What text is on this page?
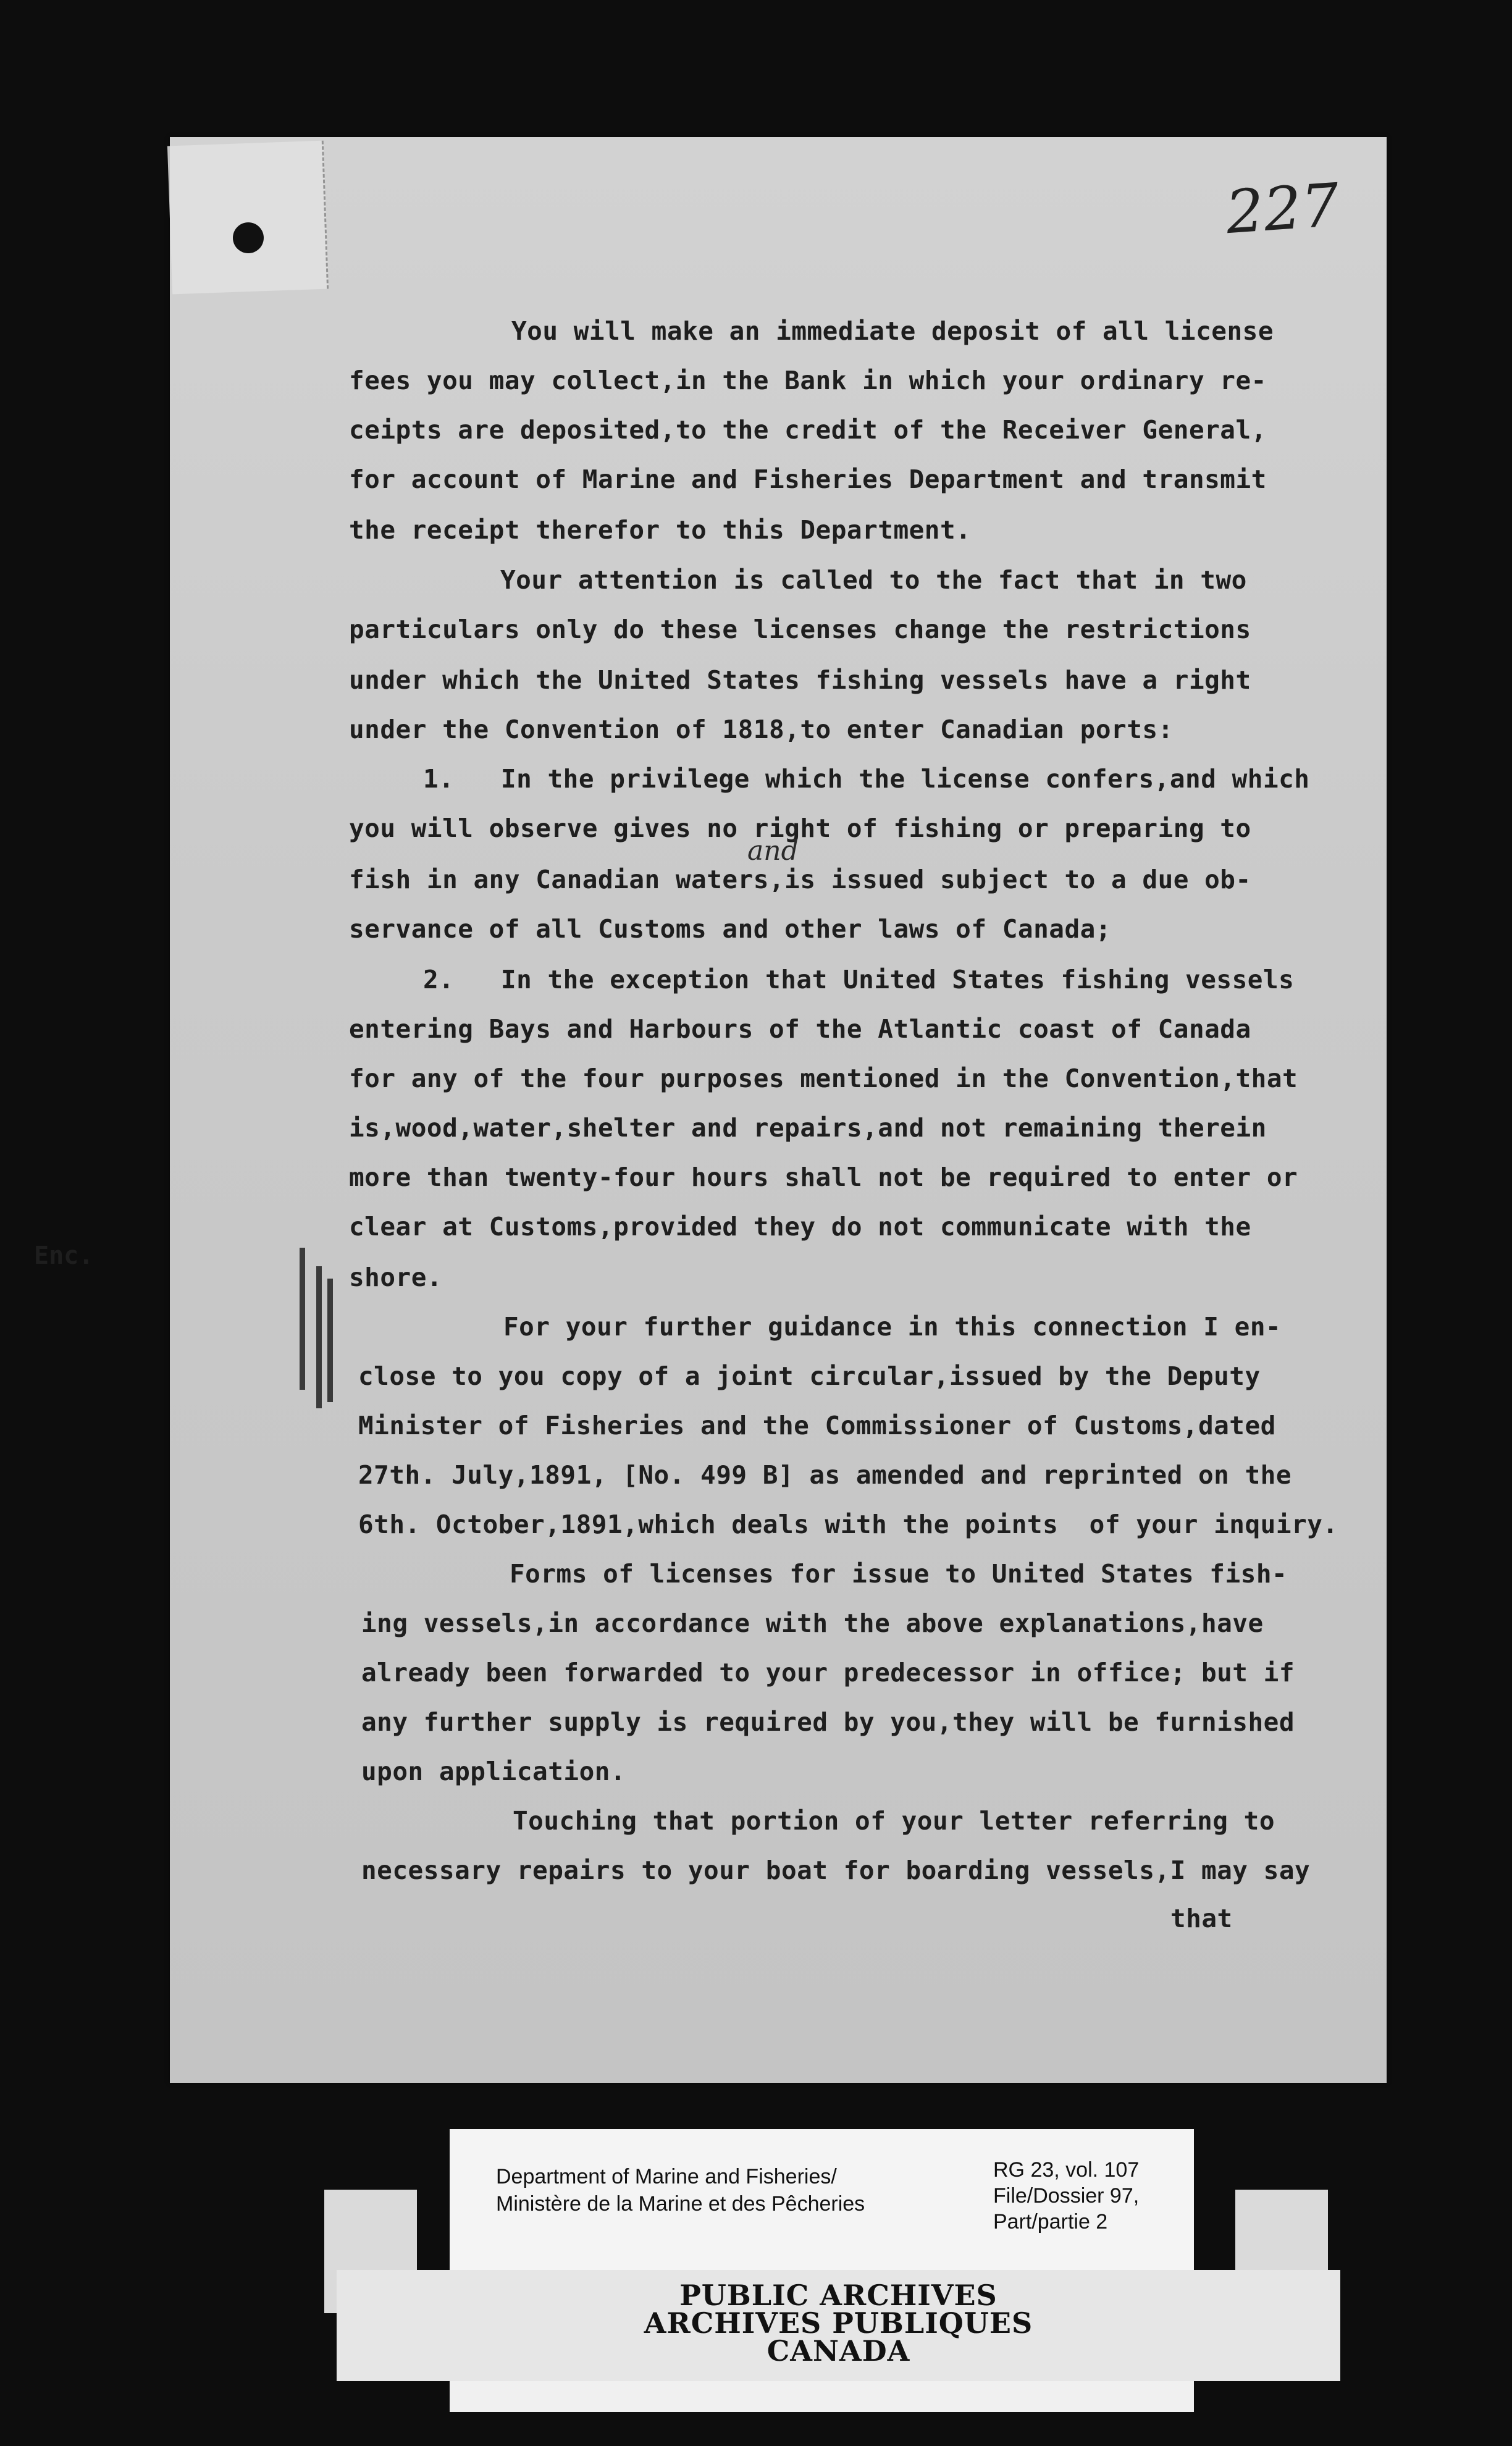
227
You will make an immediate deposit of all license
fees you may collect,in the Bank in which your ordinary re-
ceipts are deposited,to the credit of the Receiver General,
for account of Marine and Fisheries Department and transmit
the receipt therefor to this Department.
Your attention is called to the fact that in two
particulars only do these licenses change the restrictions
under which the United States fishing vessels have a right
under the Convention of 1818,to enter Canadian ports:
1.   In the privilege which the license confers,and which
you will observe gives no right of fishing or preparing to
and
fish in any Canadian waters,is issued subject to a due ob-
servance of all Customs and other laws of Canada;
2.   In the exception that United States fishing vessels
entering Bays and Harbours of the Atlantic coast of Canada
for any of the four purposes mentioned in the Convention,that
is,wood,water,shelter and repairs,and not remaining therein
more than twenty-four hours shall not be required to enter or
clear at Customs,provided they do not communicate with the
shore.
For your further guidance in this connection I en-
close to you copy of a joint circular,issued by the Deputy
Minister of Fisheries and the Commissioner of Customs,dated
27th. July,1891, [No. 499 B] as amended and reprinted on the
6th. October,1891,which deals with the points  of your inquiry.
Forms of licenses for issue to United States fish-
ing vessels,in accordance with the above explanations,have
already been forwarded to your predecessor in office; but if
any further supply is required by you,they will be furnished
upon application.
Touching that portion of your letter referring to
necessary repairs to your boat for boarding vessels,I may say
that
Enc.
Department of Marine and Fisheries/
Ministère de la Marine et des Pêcheries
RG 23, vol. 107
File/Dossier 97,
Part/partie 2
PUBLIC ARCHIVES
ARCHIVES PUBLIQUES
CANADA
